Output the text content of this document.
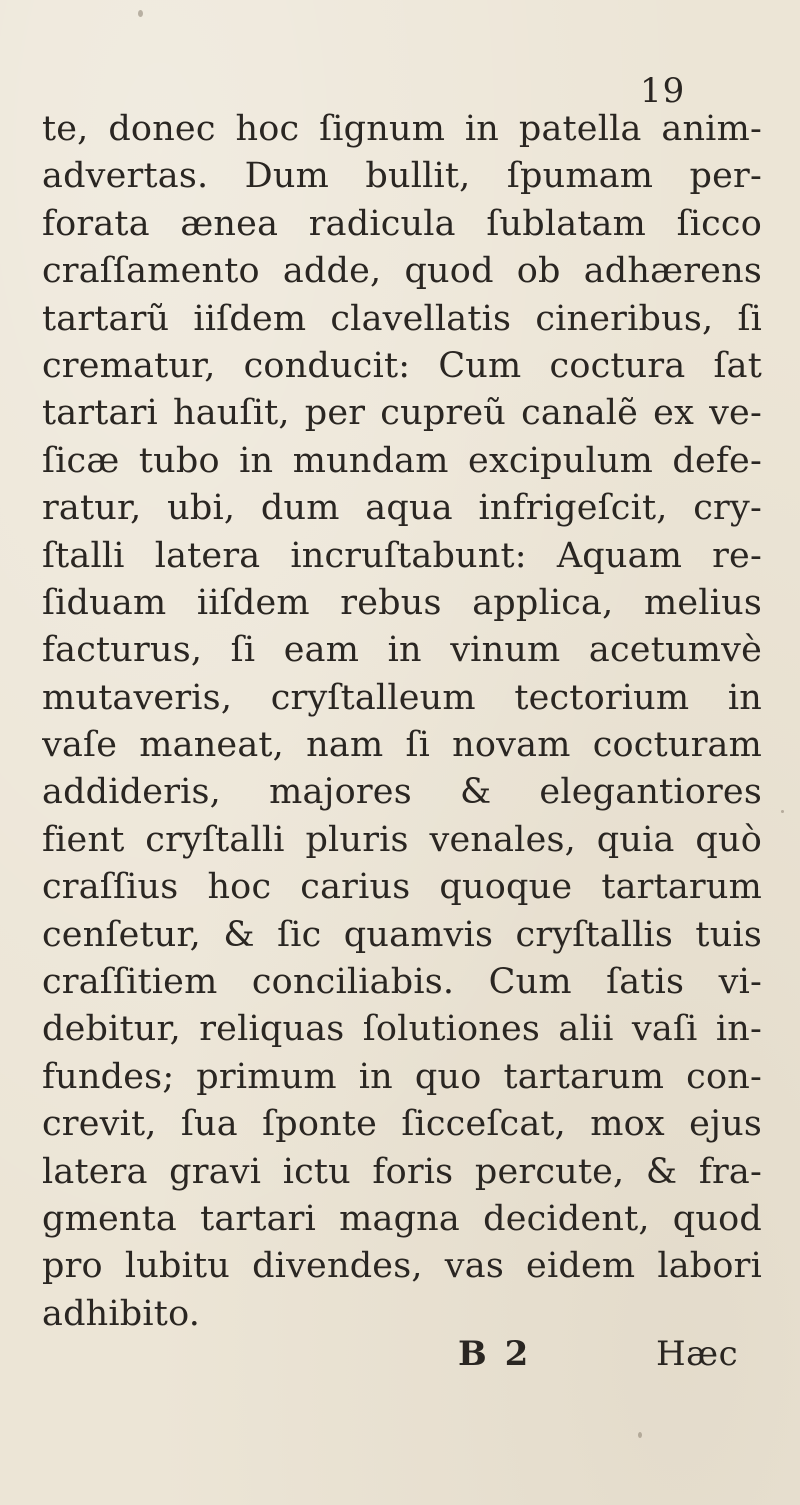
19
te, donec hoc ſignum in patella anim-
advertas. Dum bullit, ſpumam per-
forata ænea radicula ſublatam ſicco
craſſamento adde, quod ob adhærens
tartarũ iiſdem clavellatis cineribus, ſi
crematur, conducit: Cum coctura ſat
tartari hauſit, per cupreũ canalẽ ex ve-
ſicæ tubo in mundam excipulum defe-
ratur, ubi, dum aqua infrigeſcit, cry-
ſtalli latera incruſtabunt: Aquam re-
ſiduam iiſdem rebus applica, melius
facturus, ſi eam in vinum acetumvè
mutaveris, cryſtalleum tectorium in
vaſe maneat, nam ſi novam cocturam
addideris, majores & elegantiores
fient cryſtalli pluris venales, quia quò
craſſius hoc carius quoque tartarum
cenſetur, & ſic quamvis cryſtallis tuis
craſſitiem conciliabis. Cum ſatis vi-
debitur, reliquas ſolutiones alii vaſi in-
fundes; primum in quo tartarum con-
crevit, ſua ſponte ſicceſcat, mox ejus
latera gravi ictu foris percute, & fra-
gmenta tartari magna decident, quod
pro lubitu divendes, vas eidem labori
adhibito.
B 2	Hæc
